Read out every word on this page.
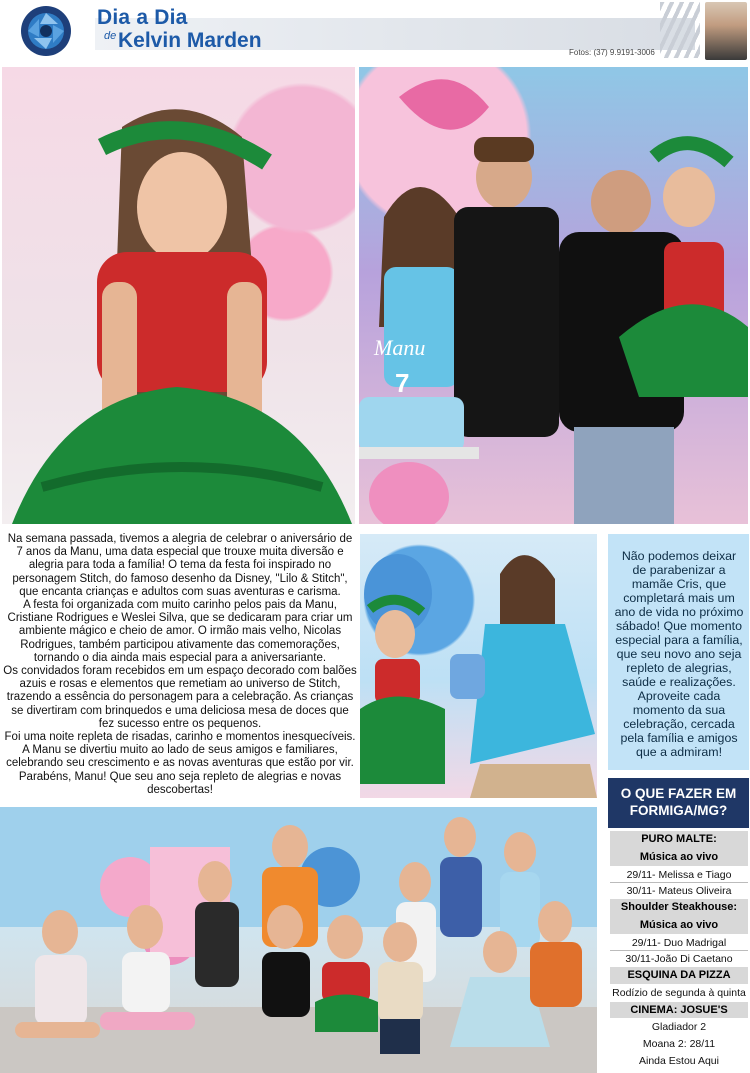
Dia a Dia
de Kelvin Marden
Fotos: (37) 9.9191-3006
Manu
7

Na semana passada, tivemos a alegria de celebrar o aniversário de 7 anos da Manu, uma data especial que trouxe muita diversão e alegria para toda a família! O tema da festa foi inspirado no personagem Stitch, do famoso desenho da Disney, "Lilo & Stitch", que encanta crianças e adultos com suas aventuras e carisma.

A festa foi organizada com muito carinho pelos pais da Manu, Cristiane Rodrigues e Weslei Silva, que se dedicaram para criar um ambiente mágico e cheio de amor. O irmão mais velho, Nicolas Rodrigues, também participou ativamente das comemorações, tornando o dia ainda mais especial para a aniversariante.

Os convidados foram recebidos em um espaço decorado com balões azuis e rosas e elementos que remetiam ao universo de Stitch, trazendo a essência do personagem para a celebração. As crianças se divertiram com brinquedos e uma deliciosa mesa de doces que fez sucesso entre os pequenos.

Foi uma noite repleta de risadas, carinho e momentos inesquecíveis. A Manu se divertiu muito ao lado de seus amigos e familiares, celebrando seu crescimento e as novas aventuras que estão por vir. Parabéns, Manu! Que seu ano seja repleto de alegrias e novas descobertas!

Não podemos deixar de parabenizar a mamãe Cris, que completará mais um ano de vida no próximo sábado! Que momento especial para a família, que seu novo ano seja repleto de alegrias, saúde e realizações. Aproveite cada momento da sua celebração, cercada pela família e amigos que a admiram!
O QUE FAZER EM FORMIGA/MG?
PURO MALTE:
Música ao vivo
29/11- Melissa e Tiago
30/11- Mateus Oliveira
Shoulder Steakhouse:
Música ao vivo
29/11- Duo Madrigal
30/11-João Di Caetano
ESQUINA DA PIZZA
Rodízio de segunda à quinta
CINEMA: JOSUE'S
Gladiador 2
Moana 2: 28/11
Ainda Estou Aqui
